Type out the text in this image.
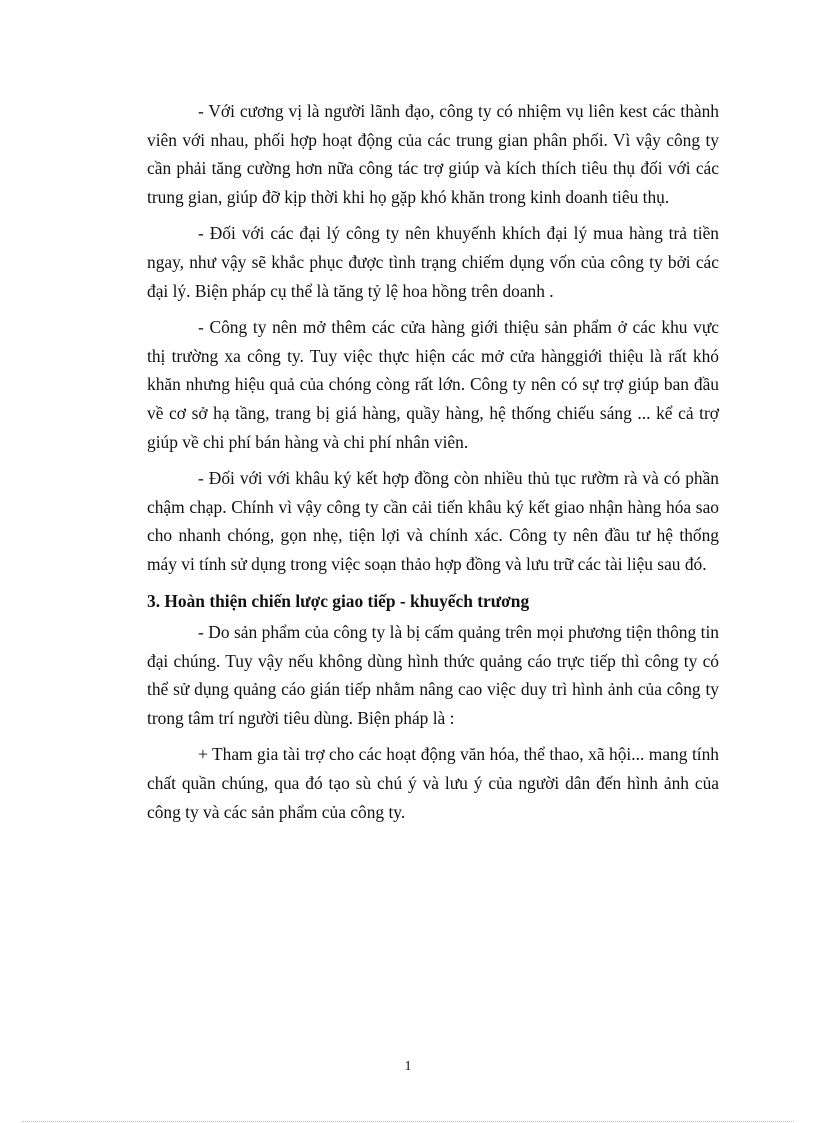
- Với cương vị là người lãnh đạo, công ty có nhiệm vụ liên kest các thành viên với nhau, phối hợp hoạt động của các trung gian phân phối. Vì vậy công ty cần phải tăng cường hơn nữa công tác trợ giúp và kích thích tiêu thụ đối với các trung gian, giúp đỡ kịp thời khi họ gặp khó khăn trong kinh doanh tiêu thụ.

- Đối với các đại lý công ty nên khuyếnh khích đại lý mua hàng trả tiền ngay, như vậy sẽ khắc phục được tình trạng chiếm dụng vốn của công ty bởi các đại lý. Biện pháp cụ thể là tăng tỷ lệ hoa hồng trên doanh .

- Công ty nên mở thêm các cửa hàng giới thiệu sản phẩm ở các khu vực thị trường xa công ty. Tuy việc thực hiện các mở cửa hànggiới thiệu là rất khó khăn nhưng hiệu quả của chóng còng rất lớn. Công ty nên có sự trợ giúp ban đầu về cơ sở hạ tầng, trang bị giá hàng, quầy hàng, hệ thống chiếu sáng ... kể cả trợ giúp về chi phí bán hàng và chi phí nhân viên.

- Đối với với khâu ký kết hợp đồng còn nhiều thủ tục rườm rà và có phần chậm chạp. Chính vì vậy công ty cần cải tiến khâu ký kết giao nhận hàng hóa sao cho nhanh chóng, gọn nhẹ, tiện lợi và chính xác. Công ty nên đầu tư hệ thống máy vi tính sử dụng trong việc soạn thảo hợp đồng và lưu trữ các tài liệu sau đó.

3. Hoàn thiện chiến lược giao tiếp - khuyếch trương

- Do sản phẩm của công ty là bị cấm quảng trên mọi phương tiện thông tin đại chúng. Tuy vậy nếu không dùng hình thức quảng cáo trực tiếp thì công ty có thể sử dụng quảng cáo gián tiếp nhằm nâng cao việc duy trì hình ảnh của công ty trong tâm trí người tiêu dùng. Biện pháp là :

+ Tham gia tài trợ cho các hoạt động văn hóa, thể thao, xã hội... mang tính chất quần chúng, qua đó tạo sù chú ý và lưu ý của người dân đến hình ảnh của công ty và các sản phẩm của công ty.

1
